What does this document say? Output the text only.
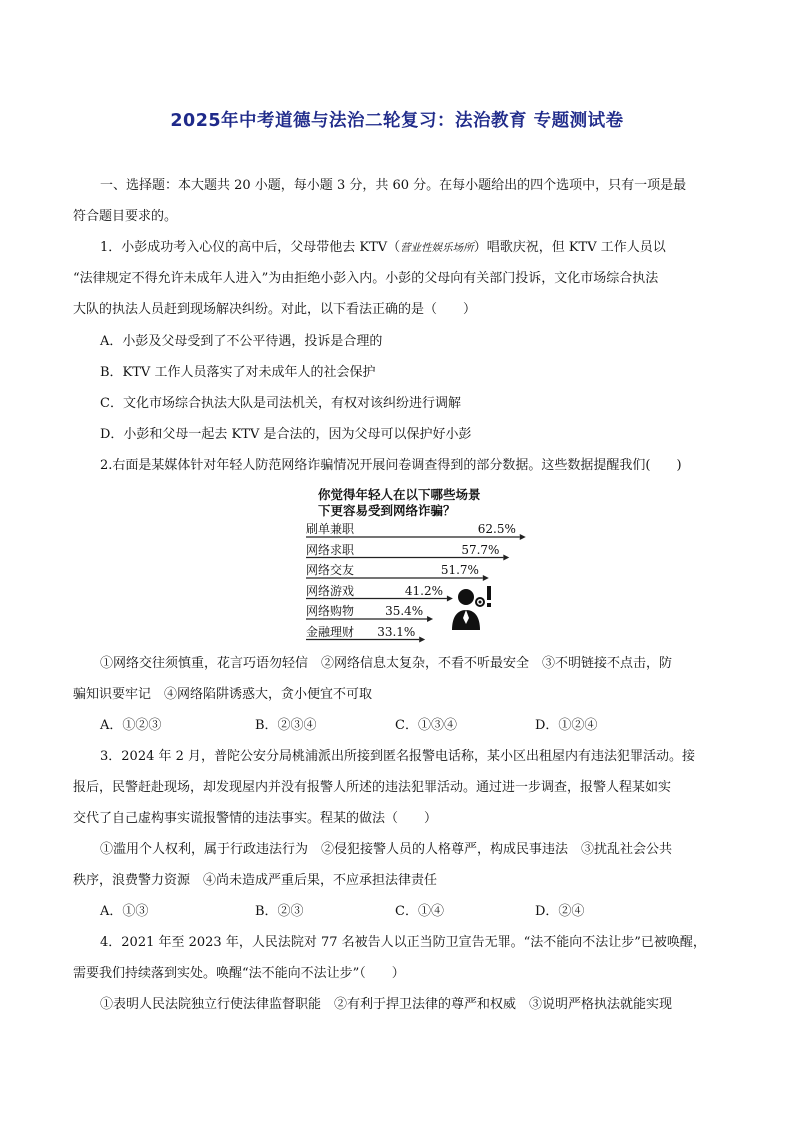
2025年中考道德与法治二轮复习：法治教育 专题测试卷
一、选择题：本大题共 20 小题，每小题 3 分，共 60 分。在每小题给出的四个选项中，只有一项是最
符合题目要求的。
1．小彭成功考入心仪的高中后，父母带他去 KTV（营业性娱乐场所）唱歌庆祝，但 KTV 工作人员以
“法律规定不得允许未成年人进入”为由拒绝小彭入内。小彭的父母向有关部门投诉，文化市场综合执法
大队的执法人员赶到现场解决纠纷。对此，以下看法正确的是（　　）
A．小彭及父母受到了不公平待遇，投诉是合理的
B．KTV 工作人员落实了对未成年人的社会保护
C．文化市场综合执法大队是司法机关，有权对该纠纷进行调解
D．小彭和父母一起去 KTV 是合法的，因为父母可以保护好小彭
2.右面是某媒体针对年轻人防范网络诈骗情况开展问卷调查得到的部分数据。这些数据提醒我们(　　)
你觉得年轻人在以下哪些场景
下更容易受到网络诈骗？
刷单兼职	62.5%
网络求职	57.7%
网络交友	51.7%
网络游戏	41.2%
网络购物	35.4%
金融理财 33.1%
①网络交往须慎重，花言巧语勿轻信　②网络信息太复杂，不看不听最安全　③不明链接不点击，防
骗知识要牢记　④网络陷阱诱惑大，贪小便宜不可取
A．①②③	B．②③④	C．①③④	D．①②④
3．2024 年 2 月，普陀公安分局桃浦派出所接到匿名报警电话称，某小区出租屋内有违法犯罪活动。接
报后，民警赶赴现场，却发现屋内并没有报警人所述的违法犯罪活动。通过进一步调查，报警人程某如实
交代了自己虚构事实谎报警情的违法事实。程某的做法（　　）
①滥用个人权利，属于行政违法行为　②侵犯接警人员的人格尊严，构成民事违法　③扰乱社会公共
秩序，浪费警力资源　④尚未造成严重后果，不应承担法律责任
A．①③	B．②③	C．①④	D．②④
4．2021 年至 2023 年，人民法院对 77 名被告人以正当防卫宣告无罪。“法不能向不法让步”已被唤醒，
需要我们持续落到实处。唤醒“法不能向不法让步”（　　）
①表明人民法院独立行使法律监督职能　②有利于捍卫法律的尊严和权威　③说明严格执法就能实现
